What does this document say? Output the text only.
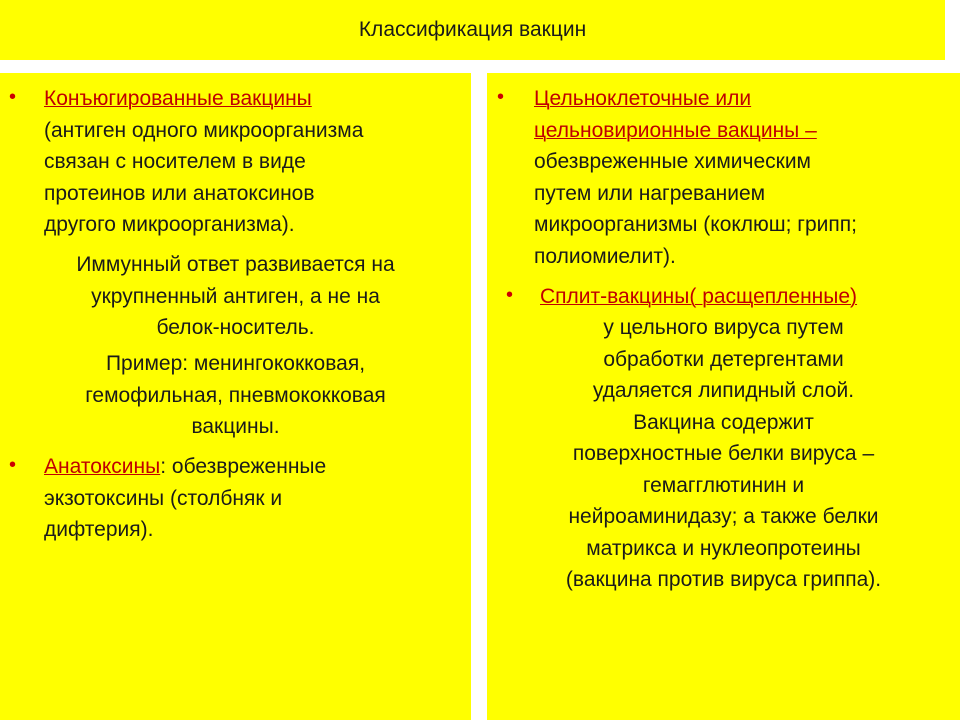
Классификация вакцин
• Конъюгированные вакцины
(антиген одного микроорганизма
связан с носителем в виде
протеинов или анатоксинов
другого микроорганизма).
Иммунный ответ развивается на
укрупненный антиген, а не на
белок-носитель.
Пример: менингококковая,
гемофильная, пневмококковая
вакцины.
• Анатоксины: обезвреженные
экзотоксины (столбняк и
дифтерия).
• Цельноклеточные или
цельновирионные вакцины –
обезвреженные химическим
путем или нагреванием
микроорганизмы (коклюш; грипп;
полиомиелит).
• Сплит-вакцины( расщепленные)
у цельного вируса путем
обработки детергентами
удаляется липидный слой.
Вакцина содержит
поверхностные белки вируса –
гемагглютинин и
нейроаминидазу; а также белки
матрикса и нуклеопротеины
(вакцина против вируса гриппа).
